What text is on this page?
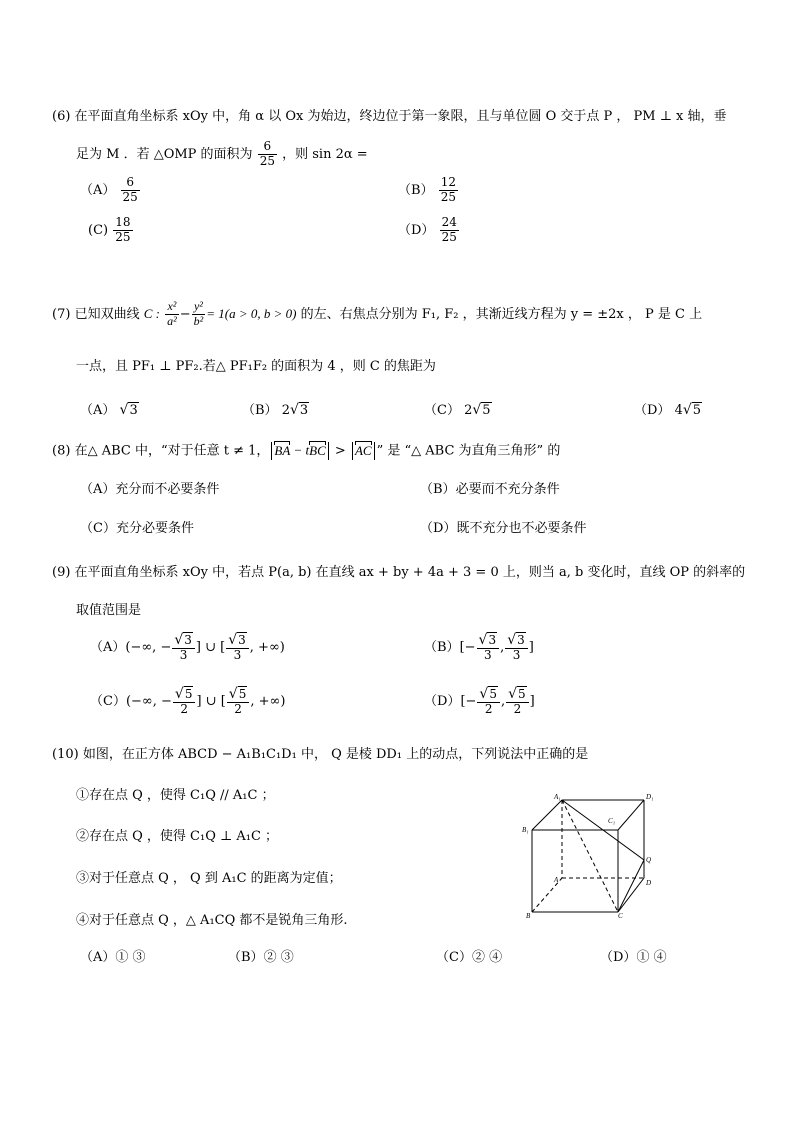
(6) 在平面直角坐标系 xOy 中，角 α 以 Ox 为始边，终边位于第一象限，且与单位圆 O 交于点 P ， PM ⊥ x 轴，垂
足为 M ．若 △OMP 的面积为 $\frac{6}{25}$ ，则 sin 2α =
$(A) \frac{6}{25}$	$(B) \frac{12}{25}$
$(C) \frac{18}{25}$	$(D) \frac{24}{25}$
(7) 已知双曲线 C : $\frac{\text{x²}}{\text{a²}} - \frac{\text{y²}}{\text{b²}} = 1(a > 0$, b > 0) 的左、右焦点分别为 F₁, F₂ ，其渐近线方程为 y = ±2x ， P 是 C 上
一点，且 PF₁ ⊥ PF₂.若△ PF₁F₂ 的面积为 4 ，则 C 的焦距为
（A） √3	（B） 2√3	（C） 2√5	（D） 4√5
(8) 在△ ABC 中，“对于任意 t ≠ 1， BA − tBC > AC ” 是 “△ ABC 为直角三角形” 的
（A）充分而不必要条件	（B）必要而不充分条件
（C）充分必要条件	（D）既不充分也不必要条件
(9) 在平面直角坐标系 xOy 中，若点 P(a, b) 在直线 ax + by + 4a + 3 = 0 上，则当 a, b 变化时，直线 OP 的斜率的
取值范围是
（A）(−∞, − $\frac{√3}{3}$ ] ∪ [ $\frac{√3}{3}$ , +∞)	$(B)[- \frac{√3}{3}$ , $\frac{√3}{3}$ ]
（C）(−∞, − $\frac{√5}{2}$ ] ∪ [ $\frac{√5}{2}$ , +∞)	$(D)[- \frac{√5}{2}$ , $\frac{√5}{2}$ ]
(10) 如图，在正方体 ABCD − A₁B₁C₁D₁ 中， Q 是棱 DD₁ 上的动点，下列说法中正确的是
①存在点 Q ，使得 C₁Q // A₁C ；
②存在点 Q ，使得 C₁Q ⊥ A₁C ；
③对于任意点 Q ， Q 到 A₁C 的距离为定值；
④对于任意点 Q ，△ A₁CQ 都不是锐角三角形.
（A）① ③	（B）② ③	（C）② ④	（D）① ④
A₁	D₁
B₁
C₁
A
Q
D
B	C
